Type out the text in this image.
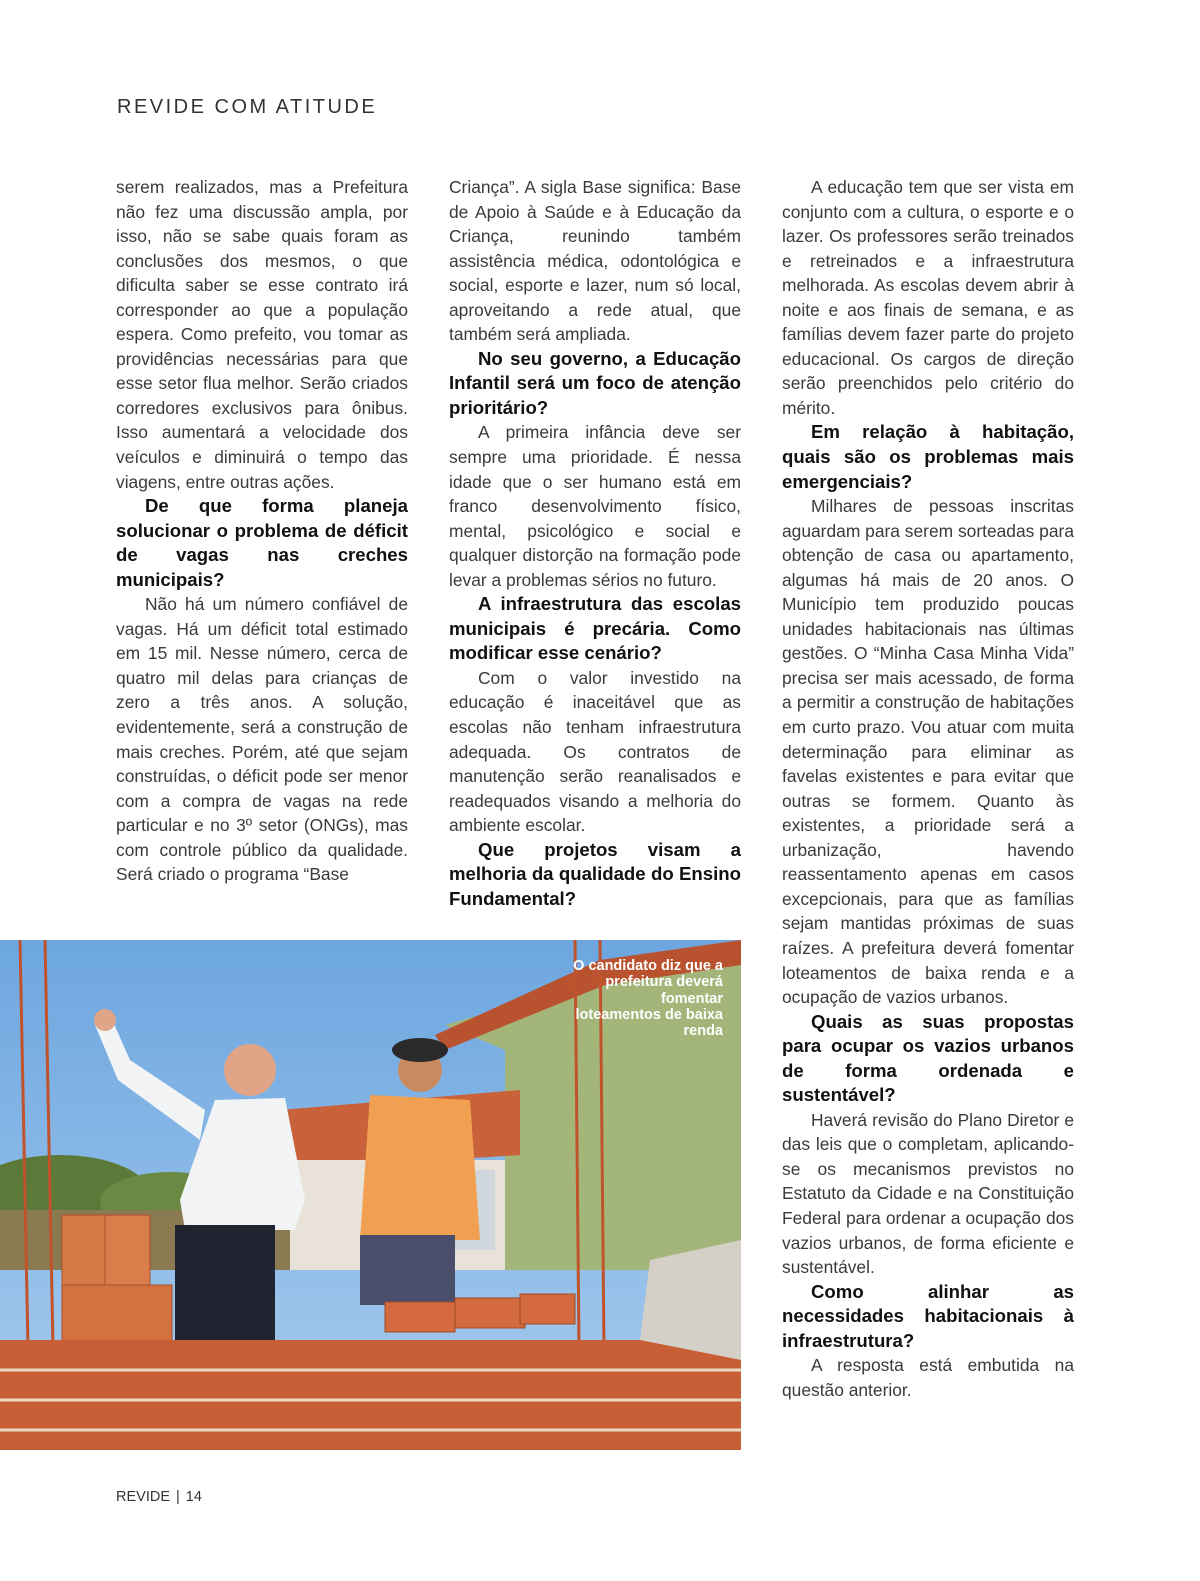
REVIDE COM ATITUDE

serem realizados, mas a Prefeitura não fez uma discussão ampla, por isso, não se sabe quais foram as conclusões dos mesmos, o que dificulta saber se esse contrato irá corresponder ao que a população espera. Como prefeito, vou tomar as providências necessárias para que esse setor flua melhor. Serão criados corredores exclusivos para ônibus. Isso aumentará a velocidade dos veículos e diminuirá o tempo das viagens, entre outras ações.

De que forma planeja solucionar o problema de déficit de vagas nas creches municipais?

Não há um número confiável de vagas. Há um déficit total estimado em 15 mil. Nesse número, cerca de quatro mil delas para crianças de zero a três anos. A solução, evidentemente, será a construção de mais creches. Porém, até que sejam construídas, o déficit pode ser menor com a compra de vagas na rede particular e no 3º setor (ONGs), mas com controle público da qualidade. Será criado o programa “Base

Criança”. A sigla Base significa: Base de Apoio à Saúde e à Educação da Criança, reunindo também assistência médica, odontológica e social, esporte e lazer, num só local, aproveitando a rede atual, que também será ampliada.

No seu governo, a Educação Infantil será um foco de atenção prioritário?

A primeira infância deve ser sempre uma prioridade. É nessa idade que o ser humano está em franco desenvolvimento físico, mental, psicológico e social e qualquer distorção na formação pode levar a problemas sérios no futuro.

A infraestrutura das escolas municipais é precária. Como modificar esse cenário?

Com o valor investido na educação é inaceitável que as escolas não tenham infraestrutura adequada. Os contratos de manutenção serão reanalisados e readequados visando a melhoria do ambiente escolar.

Que projetos visam a melhoria da qualidade do Ensino Fundamental?

A educação tem que ser vista em conjunto com a cultura, o esporte e o lazer. Os professores serão treinados e retreinados e a infraestrutura melhorada. As escolas devem abrir à noite e aos finais de semana, e as famílias devem fazer parte do projeto educacional. Os cargos de direção serão preenchidos pelo critério do mérito.

Em relação à habitação, quais são os problemas mais emergenciais?

Milhares de pessoas inscritas aguardam para serem sorteadas para obtenção de casa ou apartamento, algumas há mais de 20 anos. O Município tem produzido poucas unidades habitacionais nas últimas gestões. O “Minha Casa Minha Vida” precisa ser mais acessado, de forma a permitir a construção de habitações em curto prazo. Vou atuar com muita determinação para eliminar as favelas existentes e para evitar que outras se formem. Quanto às existentes, a prioridade será a urbanização, havendo reassentamento apenas em casos excepcionais, para que as famílias sejam mantidas próximas de suas raízes. A prefeitura deverá fomentar loteamentos de baixa renda e a ocupação de vazios urbanos.

Quais as suas propostas para ocupar os vazios urbanos de forma ordenada e sustentável?

Haverá revisão do Plano Diretor e das leis que o completam, aplicando-se os mecanismos previstos no Estatuto da Cidade e na Constituição Federal para ordenar a ocupação dos vazios urbanos, de forma eficiente e sustentável.

Como alinhar as necessidades habitacionais à infraestrutura?

A resposta está embutida na questão anterior.

O candidato diz que a prefeitura deverá fomentar loteamentos de baixa renda
REVIDE | 14
